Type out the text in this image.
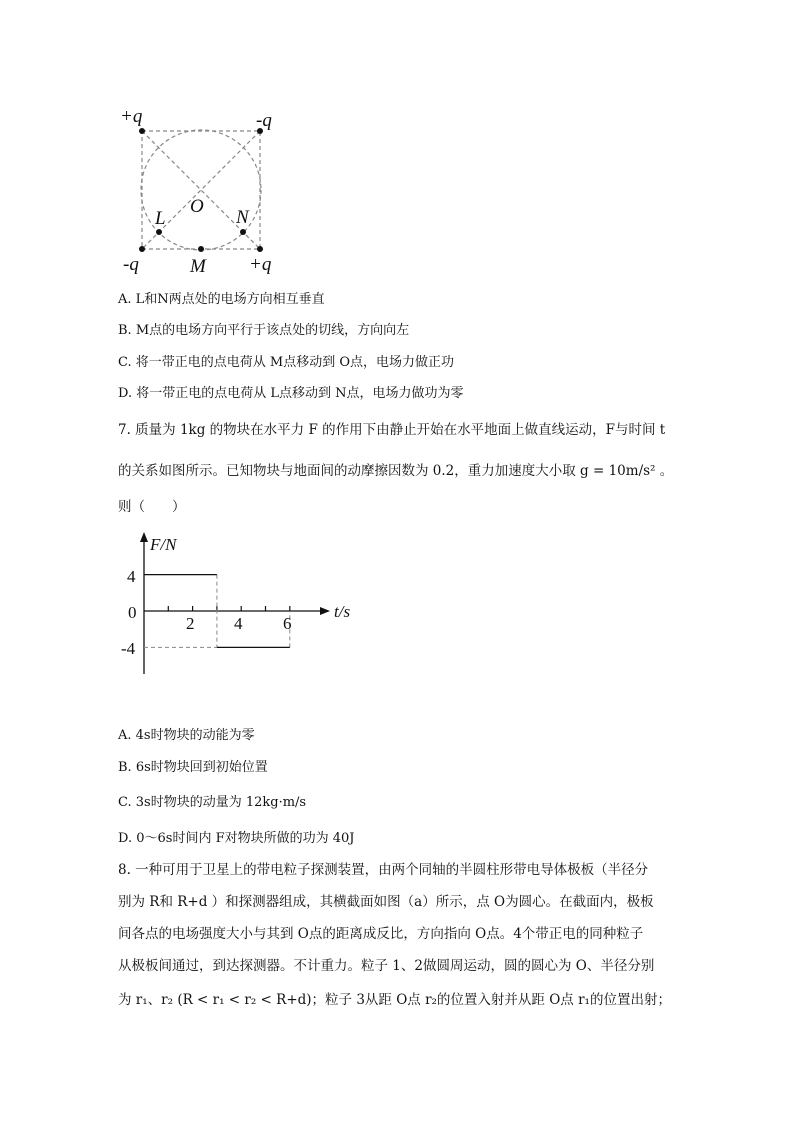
+q	-q
-q	+q
O
L	N
M
A. L和N两点处的电场方向相互垂直
B. M点的电场方向平行于该点处的切线，方向向左
C. 将一带正电的点电荷从 M点移动到 O点，电场力做正功
D. 将一带正电的点电荷从 L点移动到 N点，电场力做功为零
7. 质量为 1kg 的物块在水平力 F 的作用下由静止开始在水平地面上做直线运动，F与时间 t
的关系如图所示。已知物块与地面间的动摩擦因数为 0.2，重力加速度大小取 g = 10m/s² 。
则（　　）
F/N
t/s
4
0
-4
2 4 6
A. 4s时物块的动能为零
B. 6s时物块回到初始位置
C. 3s时物块的动量为 12kg·m/s
D. 0～6s时间内 F对物块所做的功为 40J
8. 一种可用于卫星上的带电粒子探测装置，由两个同轴的半圆柱形带电导体极板（半径分
别为 R和 R+d ）和探测器组成，其横截面如图（a）所示，点 O为圆心。在截面内，极板
间各点的电场强度大小与其到 O点的距离成反比，方向指向 O点。4个带正电的同种粒子
从极板间通过，到达探测器。不计重力。粒子 1、2做圆周运动，圆的圆心为 O、半径分别
为 r₁、r₂ (R < r₁ < r₂ < R+d)；粒子 3从距 O点 r₂的位置入射并从距 O点 r₁的位置出射；
